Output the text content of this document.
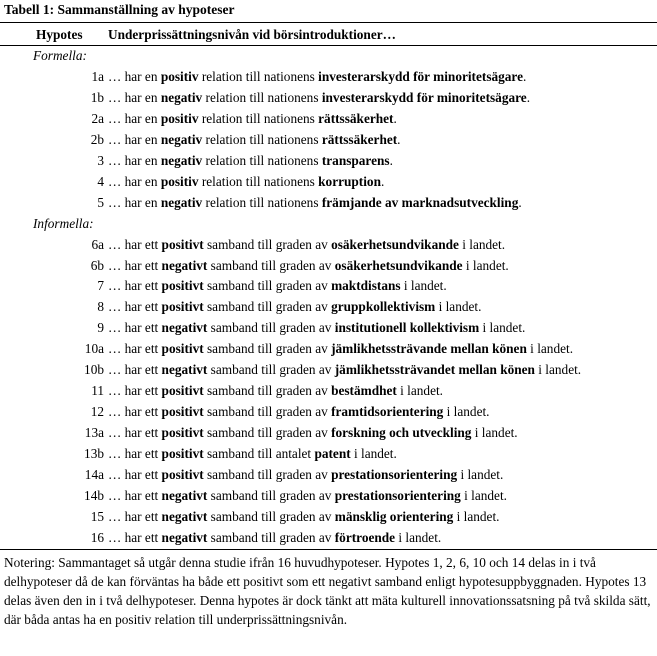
Tabell 1: Sammanställning av hypoteser
Hypotes Underprissättningsnivån vid börsintroduktioner…
Formella:
1a … har en positiv relation till nationens investerarskydd för minoritetsägare.
1b … har en negativ relation till nationens investerarskydd för minoritetsägare.
2a … har en positiv relation till nationens rättssäkerhet.
2b … har en negativ relation till nationens rättssäkerhet.
3 … har en negativ relation till nationens transparens.
4 … har en positiv relation till nationens korruption.
5 … har en negativ relation till nationens främjande av marknadsutveckling.
Informella:
6a … har ett positivt samband till graden av osäkerhetsundvikande i landet.
6b … har ett negativt samband till graden av osäkerhetsundvikande i landet.
7 … har ett positivt samband till graden av maktdistans i landet.
8 … har ett positivt samband till graden av gruppkollektivism i landet.
9 … har ett negativt samband till graden av institutionell kollektivism i landet.
10a … har ett positivt samband till graden av jämlikhetssträvande mellan könen i landet.
10b … har ett negativt samband till graden av jämlikhetssträvandet mellan könen i landet.
11 … har ett positivt samband till graden av bestämdhet i landet.
12 … har ett positivt samband till graden av framtidsorientering i landet.
13a … har ett positivt samband till graden av forskning och utveckling i landet.
13b … har ett positivt samband till antalet patent i landet.
14a … har ett positivt samband till graden av prestationsorientering i landet.
14b … har ett negativt samband till graden av prestationsorientering i landet.
15 … har ett negativt samband till graden av mänsklig orientering i landet.
16 … har ett negativt samband till graden av förtroende i landet.
Notering: Sammantaget så utgår denna studie ifrån 16 huvudhypoteser. Hypotes 1, 2, 6, 10 och 14 delas in i två delhypoteser då de kan förväntas ha både ett positivt som ett negativt samband enligt hypotesuppbyggnaden. Hypotes 13 delas även den in i två delhypoteser. Denna hypotes är dock tänkt att mäta kulturell innovationssatsning på två skilda sätt, där båda antas ha en positiv relation till underprissättningsnivån.
